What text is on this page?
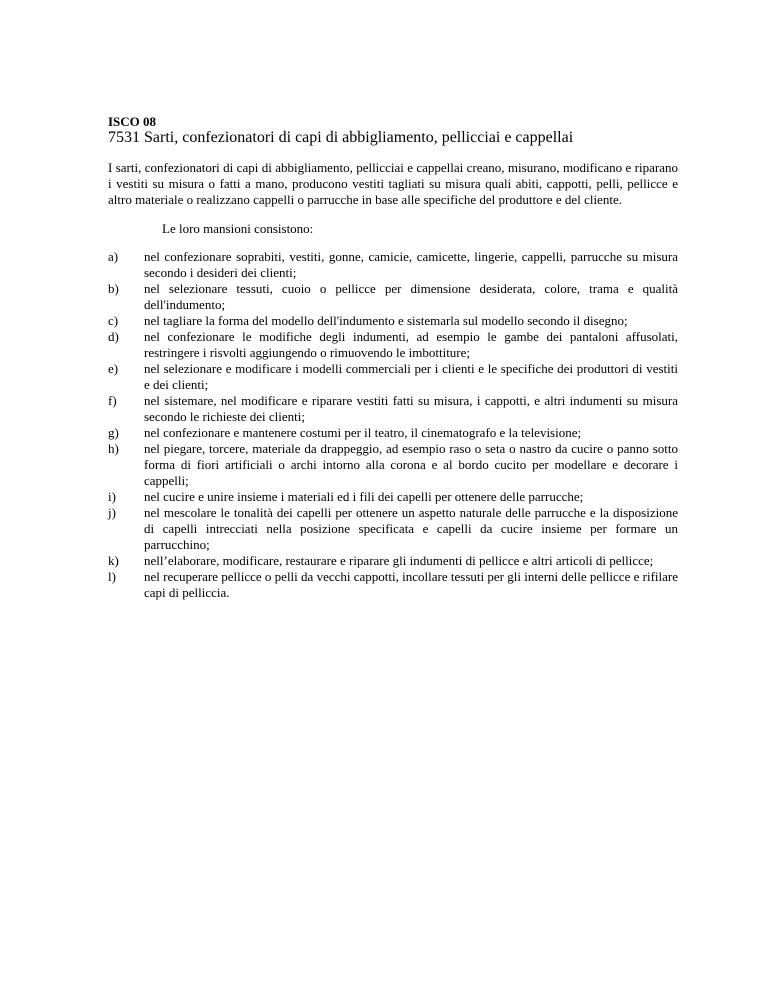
ISCO 08

7531 Sarti, confezionatori di capi di abbigliamento, pellicciai e cappellai

I sarti, confezionatori di capi di abbigliamento, pellicciai e cappellai creano, misurano, modificano e riparano i vestiti su misura o fatti a mano, producono vestiti tagliati su misura quali abiti, cappotti, pelli, pellicce e altro materiale o realizzano cappelli o parrucche in base alle specifiche del produttore e del cliente.

Le loro mansioni consistono:

a)	nel confezionare soprabiti, vestiti, gonne, camicie, camicette, lingerie, cappelli, parrucche su misura secondo i desideri dei clienti;
b)	nel selezionare tessuti, cuoio o pellicce per dimensione desiderata, colore, trama e qualità dell'indumento;
c)	nel tagliare la forma del modello dell'indumento e sistemarla sul modello secondo il disegno;
d)	nel confezionare le modifiche degli indumenti, ad esempio le gambe dei pantaloni affusolati, restringere i risvolti aggiungendo o rimuovendo le imbottiture;
e)	nel selezionare e modificare i modelli commerciali per i clienti e le specifiche dei produttori di vestiti e dei clienti;
f)	nel sistemare, nel modificare e riparare vestiti fatti su misura, i cappotti, e altri indumenti su misura secondo le richieste dei clienti;
g)	nel confezionare e mantenere costumi per il teatro, il cinematografo e la televisione;
h)	nel piegare, torcere, materiale da drappeggio, ad esempio raso o seta o nastro da cucire o panno sotto forma di fiori artificiali o archi intorno alla corona e al bordo cucito per modellare e decorare i cappelli;
i)	nel cucire e unire insieme i materiali ed i fili dei capelli per ottenere delle parrucche;
j)	nel mescolare le tonalità dei capelli per ottenere un aspetto naturale delle parrucche e la disposizione di capelli intrecciati nella posizione specificata e capelli da cucire insieme per formare un parrucchino;
k)	nell’elaborare, modificare, restaurare e riparare gli indumenti di pellicce e altri articoli di pellicce;
l)	nel recuperare pellicce o pelli da vecchi cappotti, incollare tessuti per gli interni delle pellicce e rifilare capi di pelliccia.
